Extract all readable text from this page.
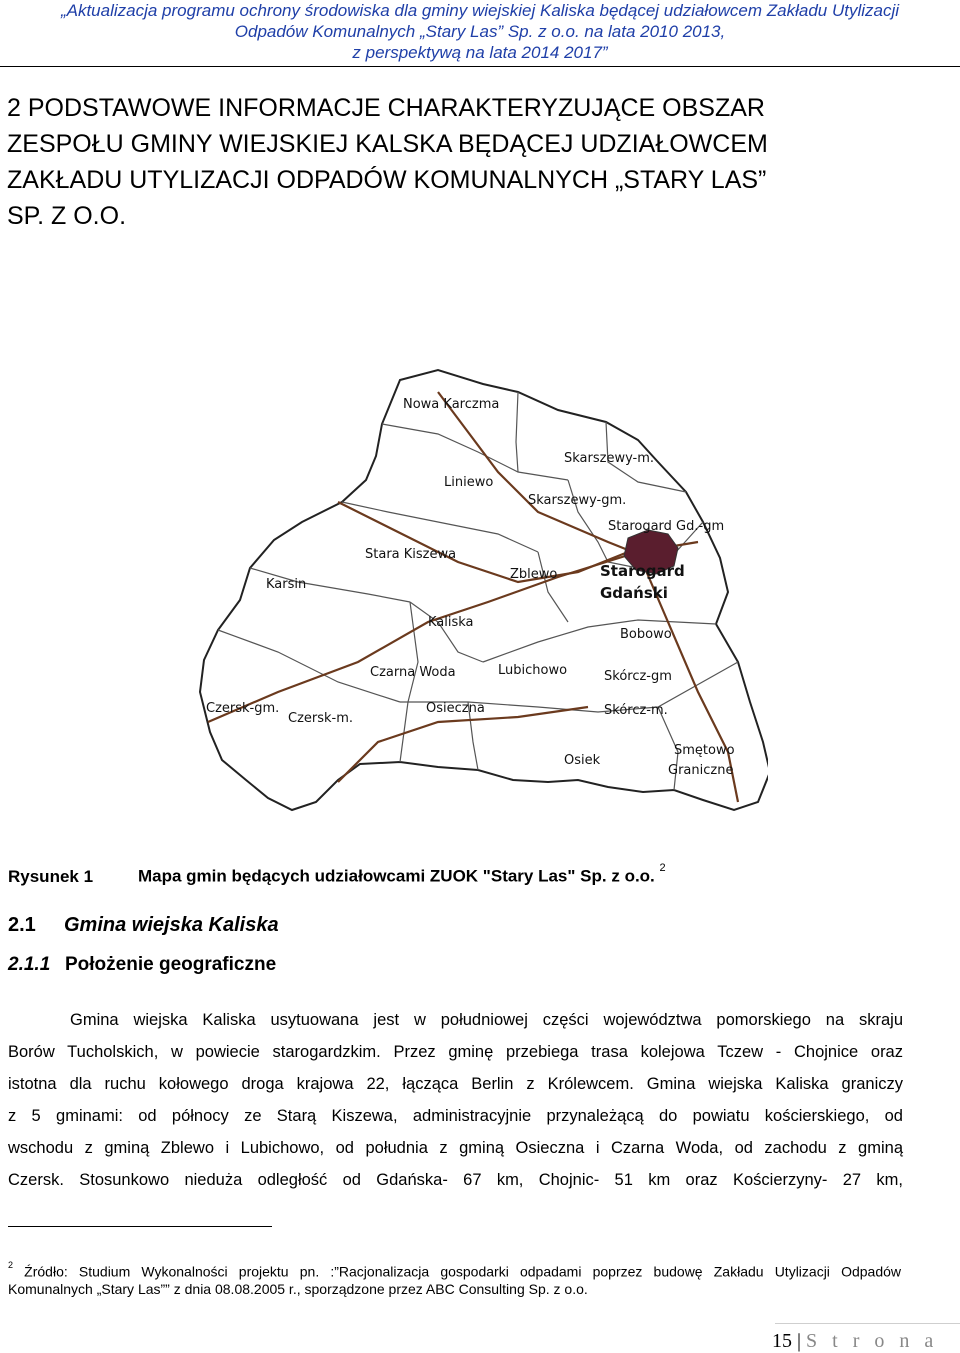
„Aktualizacja programu ochrony środowiska dla gminy wiejskiej Kaliska będącej udziałowcem Zakładu Utylizacji
Odpadów Komunalnych „Stary Las” Sp. z o.o. na lata 2010 2013,
z perspektywą na lata 2014 2017”
2 PODSTAWOWE INFORMACJE CHARAKTERYZUJĄCE OBSZAR
ZESPOŁU GMINY WIEJSKIEJ KALSKA BĘDĄCEJ UDZIAŁOWCEM
ZAKŁADU UTYLIZACJI ODPADÓW KOMUNALNYCH „STARY LAS”
SP. Z O.O.
Nowa Karczma
Skarszewy-m.
Liniewo
Skarszewy-gm.
Starogard Gd.-gm
Stara Kiszewa
Zblewo	Starogard
Gdański
Karsin
Kaliska
Bobowo
Czarna Woda	Lubichowo	Skórcz-gm
Czersk-gm.
Czersk-m.
Osieczna	Skórcz-m.
Smętowo
Graniczne
Osiek
Rysunek 1	Mapa gmin będących udziałowcami ZUOK "Stary Las" Sp. z o.o. $^2$
2.1 Gmina wiejska Kaliska
2.1.1 Położenie geograficzne
Gmina wiejska Kaliska usytuowana jest w południowej części województwa pomorskiego na skraju
Borów Tucholskich, w powiecie starogardzkim. Przez gminę przebiega trasa kolejowa Tczew - Chojnice oraz
istotna dla ruchu kołowego droga krajowa 22, łącząca Berlin z Królewcem. Gmina wiejska Kaliska graniczy
z 5 gminami: od północy ze Starą Kiszewa, administracyjnie przynależącą do powiatu kościerskiego, od
wschodu z gminą Zblewo i Lubichowo, od południa z gminą Osieczna i Czarna Woda, od zachodu z gminą
Czersk. Stosunkowo nieduża odległość od Gdańska- 67 km, Chojnic- 51 km oraz Kościerzyny- 27 km,
$^2$ Źródło: Studium Wykonalności projektu pn. :”Racjonalizacja gospodarki odpadami poprzez budowę Zakładu Utylizacji Odpadów
Komunalnych „Stary Las”” z dnia 08.08.2005 r., sporządzone przez ABC Consulting Sp. z o.o.
15 | S t r o n a
